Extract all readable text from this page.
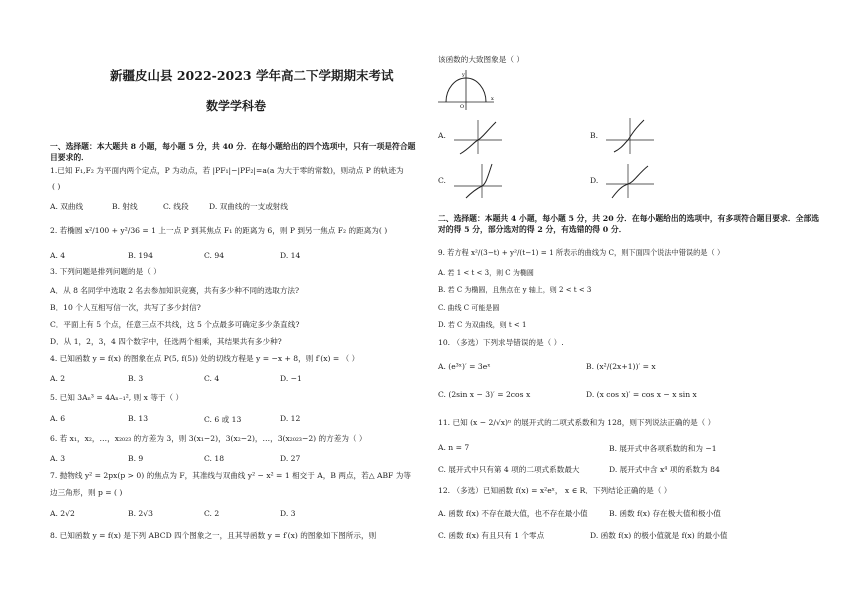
新疆皮山县 2022-2023 学年高二下学期期末考试
数学学科卷
一、选择题：本大题共 8 小题，每小题 5 分，共 40 分．在每小题给出的四个选项中，只有一项是符合题目要求的．
1.已知 F₁,F₂ 为平面内两个定点，P 为动点，若 |PF₁|−|PF₂|=a(a 为大于零的常数)，则动点 P 的轨迹为
( )
A. 双曲线	B. 射线	C. 线段	D. 双曲线的一支或射线
2. 若椭圆 x²/100 + y²/36 = 1 上一点 P 到其焦点 F₁ 的距离为 6，则 P 到另一焦点 F₂ 的距离为( )
A. 4	B. 194	C. 94	D. 14
3. 下列问题是排列问题的是（ ）
A．从 8 名同学中选取 2 名去参加知识竞赛，共有多少种不同的选取方法?
B．10 个人互相写信一次，共写了多少封信?
C．平面上有 5 个点，任意三点不共线，这 5 个点最多可确定多少条直线?
D．从 1，2，3，4 四个数字中，任选两个相乘，其结果共有多少种?
4. 已知函数 y = f(x) 的图象在点 P(5, f(5)) 处的切线方程是 y = −x + 8，则 f′(x) = （ ）
A. 2	B. 3	C. 4	D. −1
5. 已知 3Aₙ³ = 4Aₙ₋₁², 则 x 等于（ ）
A. 6	B. 13	C. 6 或 13	D. 12
6. 若 x₁，x₂，…，x₂₀₂₃ 的方差为 3，则 3(x₁−2)，3(x₂−2)，…，3(x₂₀₂₃−2) 的方差为（ ）
A. 3	B. 9	C. 18	D. 27
7. 抛物线 y² = 2px(p > 0) 的焦点为 F，其准线与双曲线 y² − x² = 1 相交于 A，B 两点，若△ ABF 为等
边三角形，则 p = ( )
A. 2√2	B. 2√3	C. 2	D. 3
8. 已知函数 y = f(x) 是下列 ABCD 四个图象之一，且其导函数 y = f′(x) 的图象如下图所示，则
该函数的大致图象是（ ）
y
x
O
A.	B.
C.	D.
二、选择题：本题共 4 小题，每小题 5 分，共 20 分．在每小题给出的选项中，有多项符合题目要求．全部选对的得 5 分，部分选对的得 2 分，有选错的得 0 分．
9. 若方程 x²/(3−t) + y²/(t−1) = 1 所表示的曲线为 C，则下面四个说法中错误的是（ ）
A. 若 1 < t < 3，则 C 为椭圆
B. 若 C 为椭圆，且焦点在 y 轴上，则 2 < t < 3
C. 曲线 C 可能是圆
D. 若 C 为双曲线，则 t < 1
10. （多选）下列求导错误的是（ ）.
A. (e³ˣ)′ = 3eˣ	B. (x²/(2x+1))′ = x
C. (2sin x − 3)′ = 2cos x	D. (x cos x)′ = cos x − x sin x
11. 已知 (x − 2/√x)ⁿ 的展开式的二项式系数和为 128，则下列说法正确的是（ ）
A. n = 7	B. 展开式中各项系数的和为 −1
C. 展开式中只有第 4 项的二项式系数最大	D. 展开式中含 x⁴ 项的系数为 84
12. （多选）已知函数 f(x) = x²eˣ， x ∈ R．下列结论正确的是（ ）
A. 函数 f(x) 不存在最大值，也不存在最小值	B. 函数 f(x) 存在极大值和极小值
C. 函数 f(x) 有且只有 1 个零点	D. 函数 f(x) 的极小值就是 f(x) 的最小值
